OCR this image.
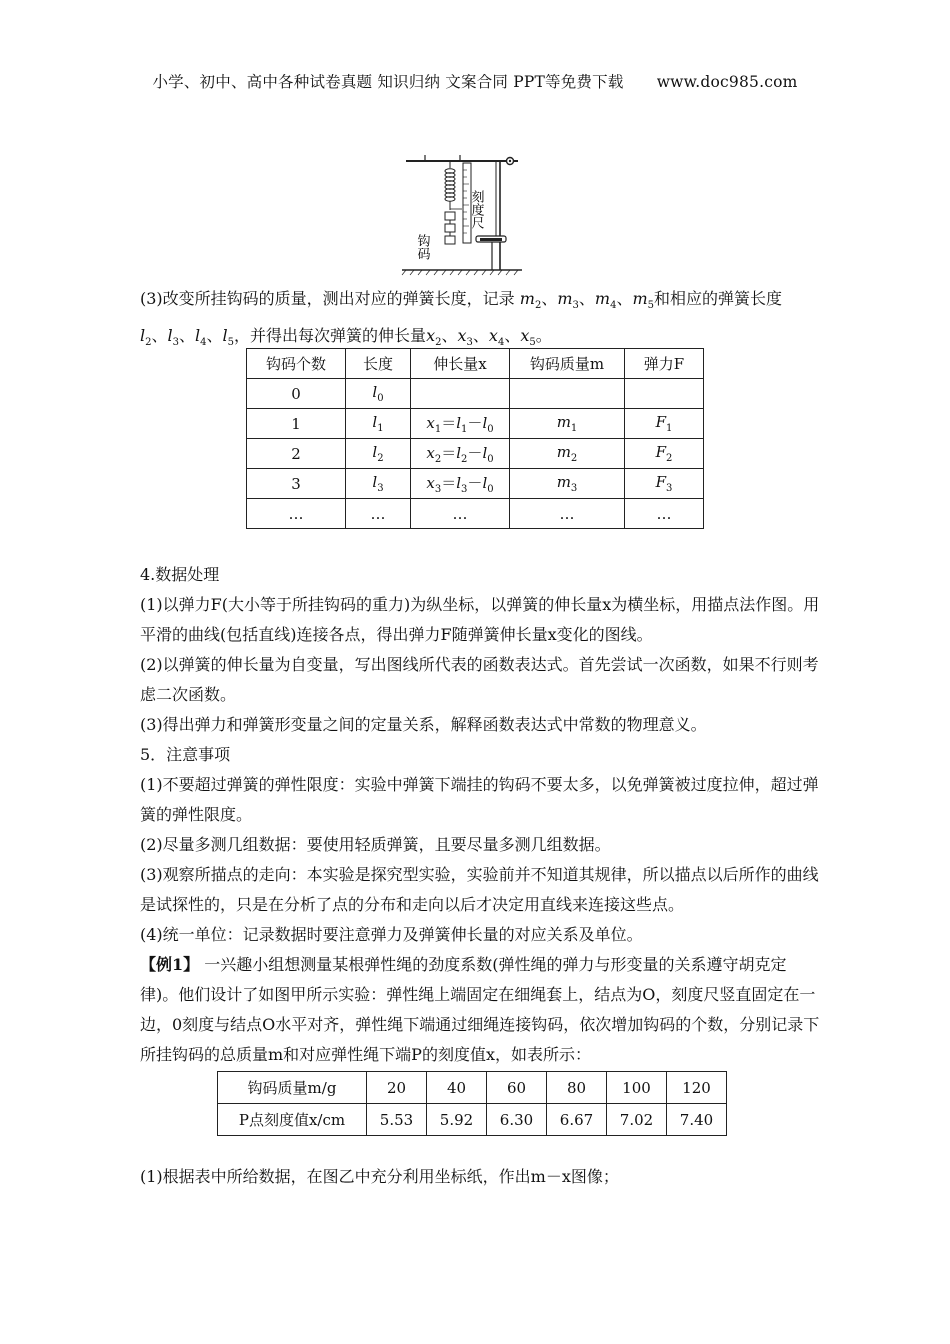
小学、初中、高中各种试卷真题 知识归纳 文案合同 PPT等免费下载 www.doc985.com
刻度尺
钩码

(3)改变所挂钩码的质量，测出对应的弹簧长度，记录 $m_2$、$m_3$、$m_4$、$m_5$和相应的弹簧长度
$l_2$、$l_3$、$l_4$、$l_5$，并得出每次弹簧的伸长量$x_2$、$x_3$、$x_4$、$x_5$。

钩码个数	长度	伸长量x	钩码质量m	弹力F
0	$l_0$			
1	$l_1$	$x_1=l_1-l_0$	$m_1$	$F_1$
2	$l_2$	$x_2=l_2-l_0$	$m_2$	$F_2$
3	$l_3$	$x_3=l_3-l_0$	$m_3$	$F_3$
…	…	…	…	…

4.数据处理

(1)以弹力F(大小等于所挂钩码的重力)为纵坐标，以弹簧的伸长量x为横坐标，用描点法作图。用平滑的曲线(包括直线)连接各点，得出弹力F随弹簧伸长量x变化的图线。

(2)以弹簧的伸长量为自变量，写出图线所代表的函数表达式。首先尝试一次函数，如果不行则考虑二次函数。

(3)得出弹力和弹簧形变量之间的定量关系，解释函数表达式中常数的物理意义。

5．注意事项

(1)不要超过弹簧的弹性限度：实验中弹簧下端挂的钩码不要太多，以免弹簧被过度拉伸，超过弹簧的弹性限度。

(2)尽量多测几组数据：要使用轻质弹簧，且要尽量多测几组数据。

(3)观察所描点的走向：本实验是探究型实验，实验前并不知道其规律，所以描点以后所作的曲线是试探性的，只是在分析了点的分布和走向以后才决定用直线来连接这些点。

(4)统一单位：记录数据时要注意弹力及弹簧伸长量的对应关系及单位。

【例1】 一兴趣小组想测量某根弹性绳的劲度系数(弹性绳的弹力与形变量的关系遵守胡克定律)。他们设计了如图甲所示实验：弹性绳上端固定在细绳套上，结点为O，刻度尺竖直固定在一边，0刻度与结点O水平对齐，弹性绳下端通过细绳连接钩码，依次增加钩码的个数，分别记录下所挂钩码的总质量m和对应弹性绳下端P的刻度值x，如表所示：

钩码质量m/g	20	40	60	80	100	120
P点刻度值x/cm	5.53	5.92	6.30	6.67	7.02	7.40

(1)根据表中所给数据，在图乙中充分利用坐标纸，作出m－x图像；
